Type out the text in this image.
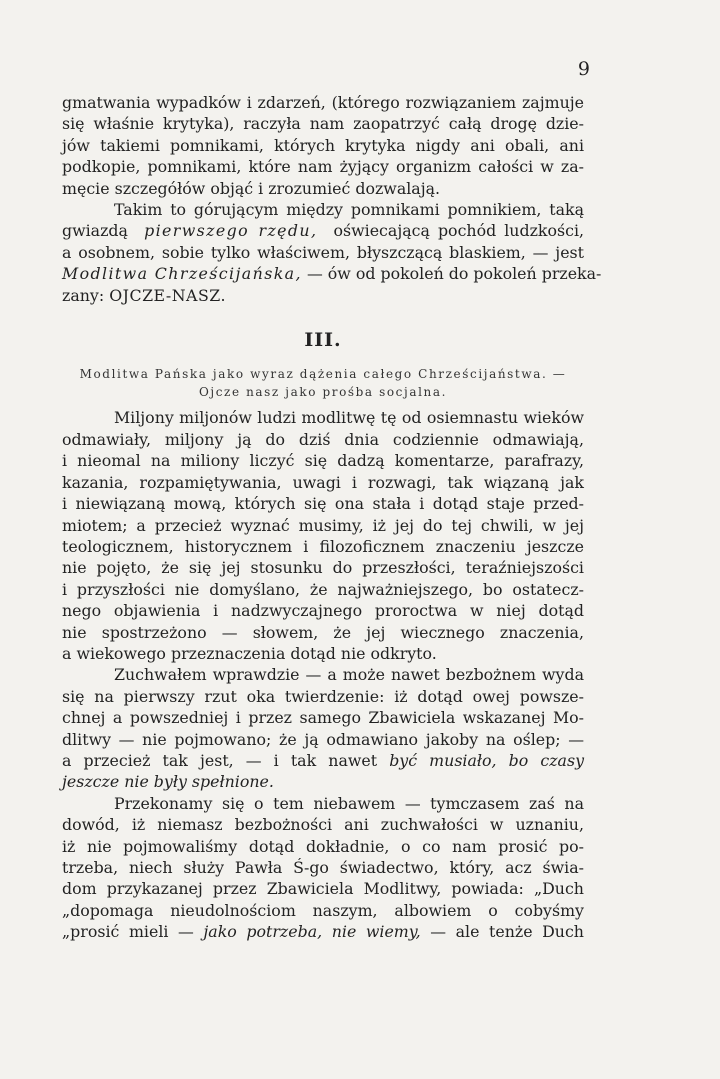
9

gmatwania wypadków i zdarzeń, (którego rozwiązaniem zajmuje
się właśnie krytyka), raczyła nam zaopatrzyć całą drogę dzie-
jów takiemi pomnikami, których krytyka nigdy ani obali, ani
podkopie, pomnikami, które nam żyjący organizm całości w za-
męcie szczegółów objąć i zrozumieć dozwalają.

Takim to górującym między pomnikami pomnikiem, taką
gwiazdą pierwszego rzędu, oświecającą pochód ludzkości,
a osobnem, sobie tylko właściwem, błyszczącą blaskiem, — jest
Modlitwa Chrześcijańska, — ów od pokoleń do pokoleń przeka-
zany: OJCZE-NASZ.

III.
Modlitwa Pańska jako wyraz dążenia całego Chrześcijaństwa. —
Ojcze nasz jako prośba socjalna.

Miljony miljonów ludzi modlitwę tę od osiemnastu wieków
odmawiały, miljony ją do dziś dnia codziennie odmawiają,
i nieomal na miliony liczyć się dadzą komentarze, parafrazy,
kazania, rozpamiętywania, uwagi i rozwagi, tak wiązaną jak
i niewiązaną mową, których się ona stała i dotąd staje przed-
miotem; a przecież wyznać musimy, iż jej do tej chwili, w jej
teologicznem, historycznem i filozoficznem znaczeniu jeszcze
nie pojęto, że się jej stosunku do przeszłości, teraźniejszości
i przyszłości nie domyślano, że najważniejszego, bo ostatecz-
nego objawienia i nadzwyczajnego proroctwa w niej dotąd
nie spostrzeżono — słowem, że jej wiecznego znaczenia,
a wiekowego przeznaczenia dotąd nie odkryto.

Zuchwałem wprawdzie — a może nawet bezbożnem wyda
się na pierwszy rzut oka twierdzenie: iż dotąd owej powsze-
chnej a powszedniej i przez samego Zbawiciela wskazanej Mo-
dlitwy — nie pojmowano; że ją odmawiano jakoby na oślep; —
a przecież tak jest, — i tak nawet być musiało, bo czasy
jeszcze nie były spełnione.

Przekonamy się o tem niebawem — tymczasem zaś na
dowód, iż niemasz bezbożności ani zuchwałości w uznaniu,
iż nie pojmowaliśmy dotąd dokładnie, o co nam prosić po-
trzeba, niech służy Pawła Ś-go świadectwo, który, acz świa-
dom przykazanej przez Zbawiciela Modlitwy, powiada: „Duch
„dopomaga nieudolnościom naszym, albowiem o cobyśmy
„prosić mieli — jako potrzeba, nie wiemy, — ale tenże Duch
